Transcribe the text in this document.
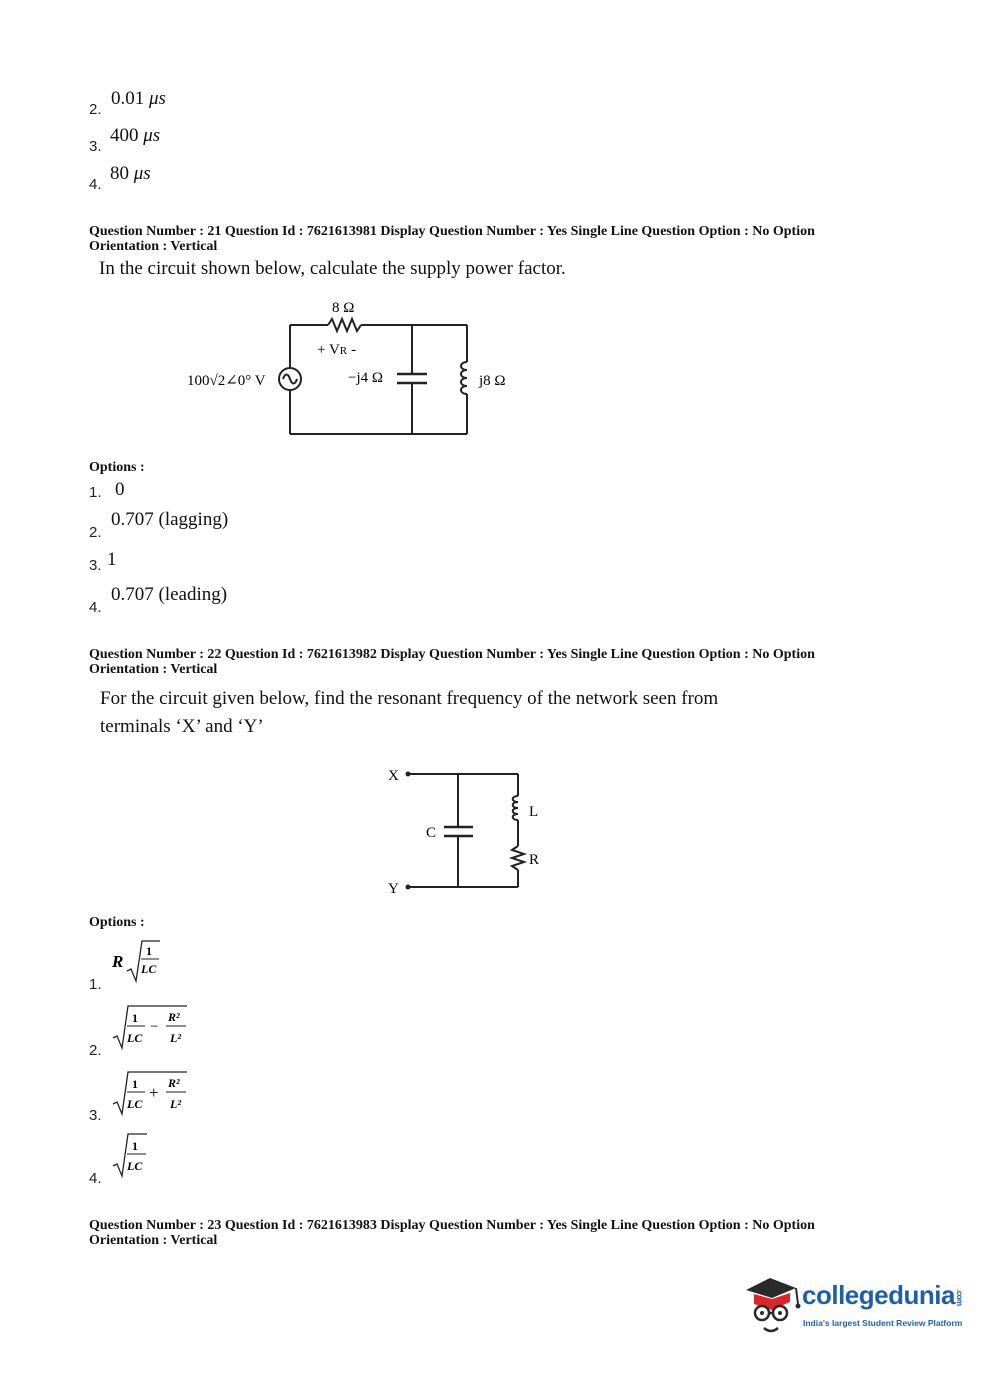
2.
0.01 μs
3.
400 μs
4.
80 μs
Question Number : 21 Question Id : 7621613981 Display Question Number : Yes Single Line Question Option : No Option
Orientation : Vertical
In the circuit shown below, calculate the supply power factor.
8 Ω
+ VR -
100√2∠0° V	−j4 Ω	j8 Ω
Options :
1. 0
2.
0.707 (lagging)
3. 1
4.
0.707 (leading)
Question Number : 22 Question Id : 7621613982 Display Question Number : Yes Single Line Question Option : No Option
Orientation : Vertical
For the circuit given below, find the resonant frequency of the network seen from
terminals ‘X’ and ‘Y’
X
Y
C
L
R
Options :
1.
R
1
LC
2.
1
LC
−
R²
L²
3.
1
LC
+ R²
L²
4.
1
LC
Question Number : 23 Question Id : 7621613983 Display Question Number : Yes Single Line Question Option : No Option
Orientation : Vertical
collegedunia.com
India's largest Student Review Platform
